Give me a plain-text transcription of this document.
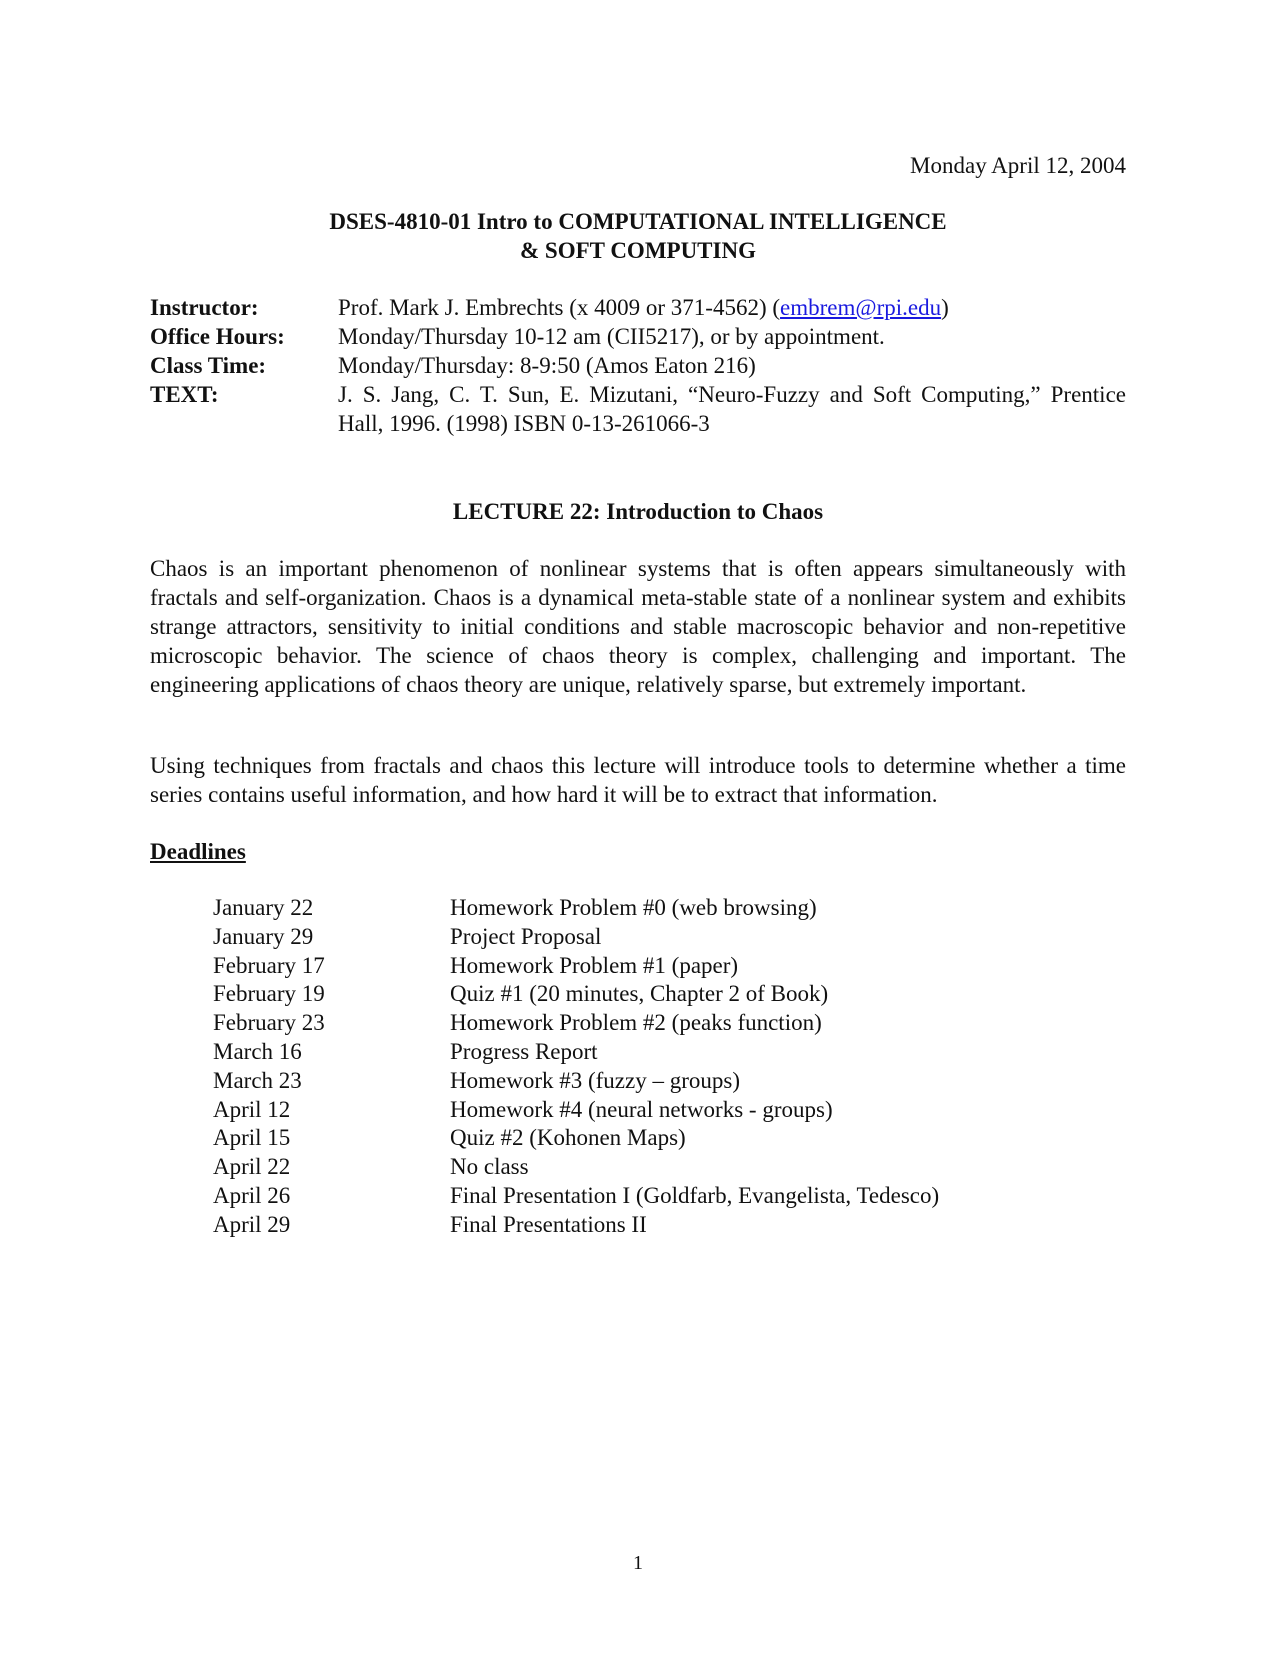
Monday April 12, 2004
DSES-4810-01 Intro to COMPUTATIONAL INTELLIGENCE
& SOFT COMPUTING
Instructor:	Prof. Mark J. Embrechts (x 4009 or 371-4562) (embrem@rpi.edu)
Office Hours:	Monday/Thursday 10-12 am (CII5217), or by appointment.
Class Time:	Monday/Thursday: 8-9:50 (Amos Eaton 216)
TEXT:	J. S. Jang, C. T. Sun, E. Mizutani, “Neuro-Fuzzy and Soft Computing,” Prentice Hall, 1996. (1998) ISBN 0-13-261066-3
LECTURE 22: Introduction to Chaos
Chaos is an important phenomenon of nonlinear systems that is often appears simultaneously with fractals and self-organization. Chaos is a dynamical meta-stable state of a nonlinear system and exhibits strange attractors, sensitivity to initial conditions and stable macroscopic behavior and non-repetitive microscopic behavior. The science of chaos theory is complex, challenging and important. The engineering applications of chaos theory are unique, relatively sparse, but extremely important.
Using techniques from fractals and chaos this lecture will introduce tools to determine whether a time series contains useful information, and how hard it will be to extract that information.
Deadlines
January 22	Homework Problem #0 (web browsing)
January 29	Project Proposal
February 17	Homework Problem #1 (paper)
February 19	Quiz #1 (20 minutes, Chapter 2 of Book)
February 23	Homework Problem #2 (peaks function)
March 16	Progress Report
March 23	Homework #3 (fuzzy – groups)
April 12	Homework #4 (neural networks - groups)
April 15	Quiz #2 (Kohonen Maps)
April 22	No class
April 26	Final Presentation I (Goldfarb, Evangelista, Tedesco)
April 29	Final Presentations II
1
